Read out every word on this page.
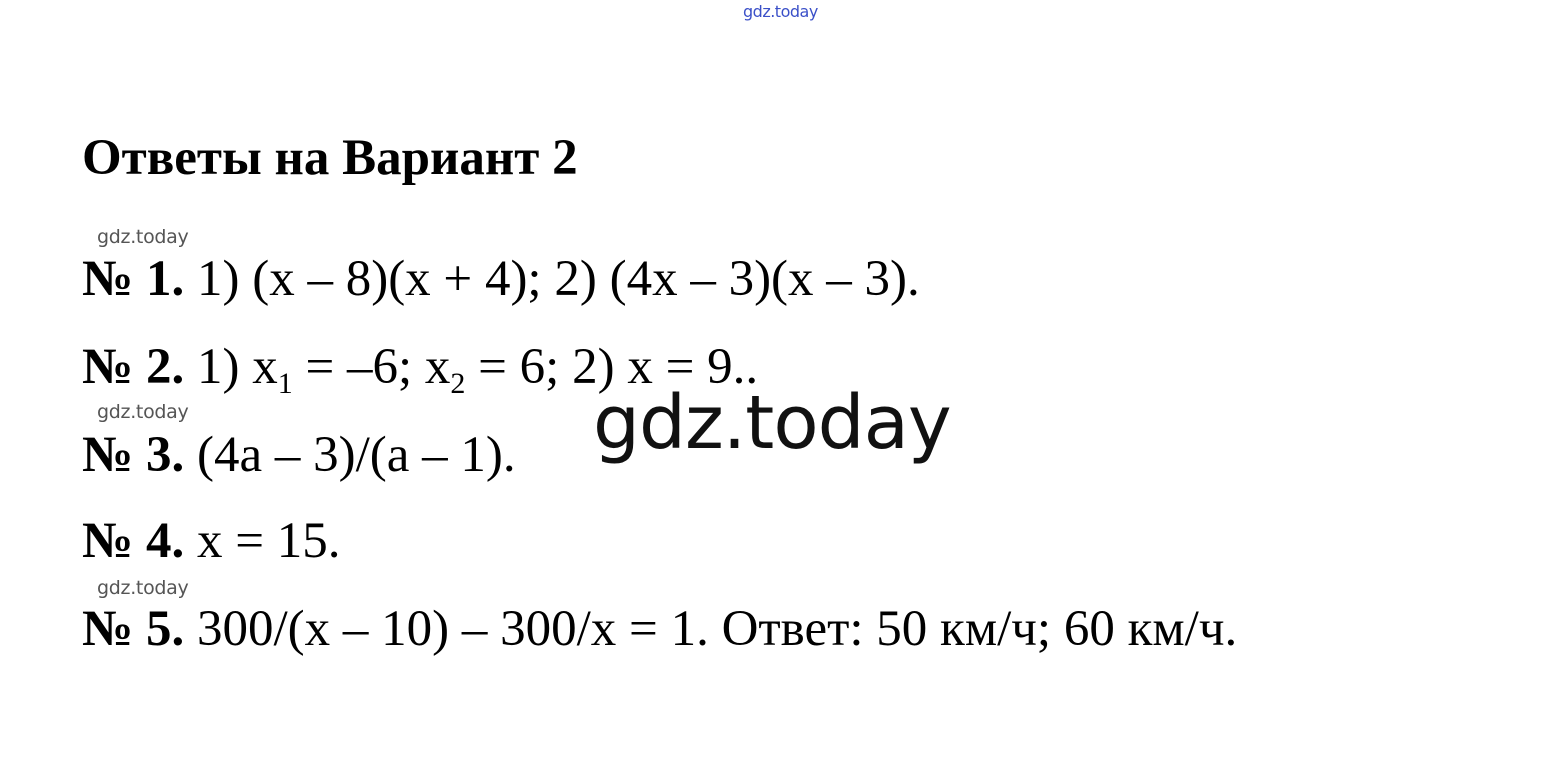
gdz.today
Ответы на Вариант 2
gdz.today
№ 1. 1) (x – 8)(x + 4); 2) (4x – 3)(x – 3).
№ 2. 1) $x_1 = -6$; $x_2 = 6$; 2) x = 9..
gdz.today
№ 3. (4a – 3)/(a – 1). gdz.today
№ 4. x = 15.
gdz.today
№ 5. 300/(x – 10) – 300/x = 1. Ответ: 50 км/ч; 60 км/ч.
